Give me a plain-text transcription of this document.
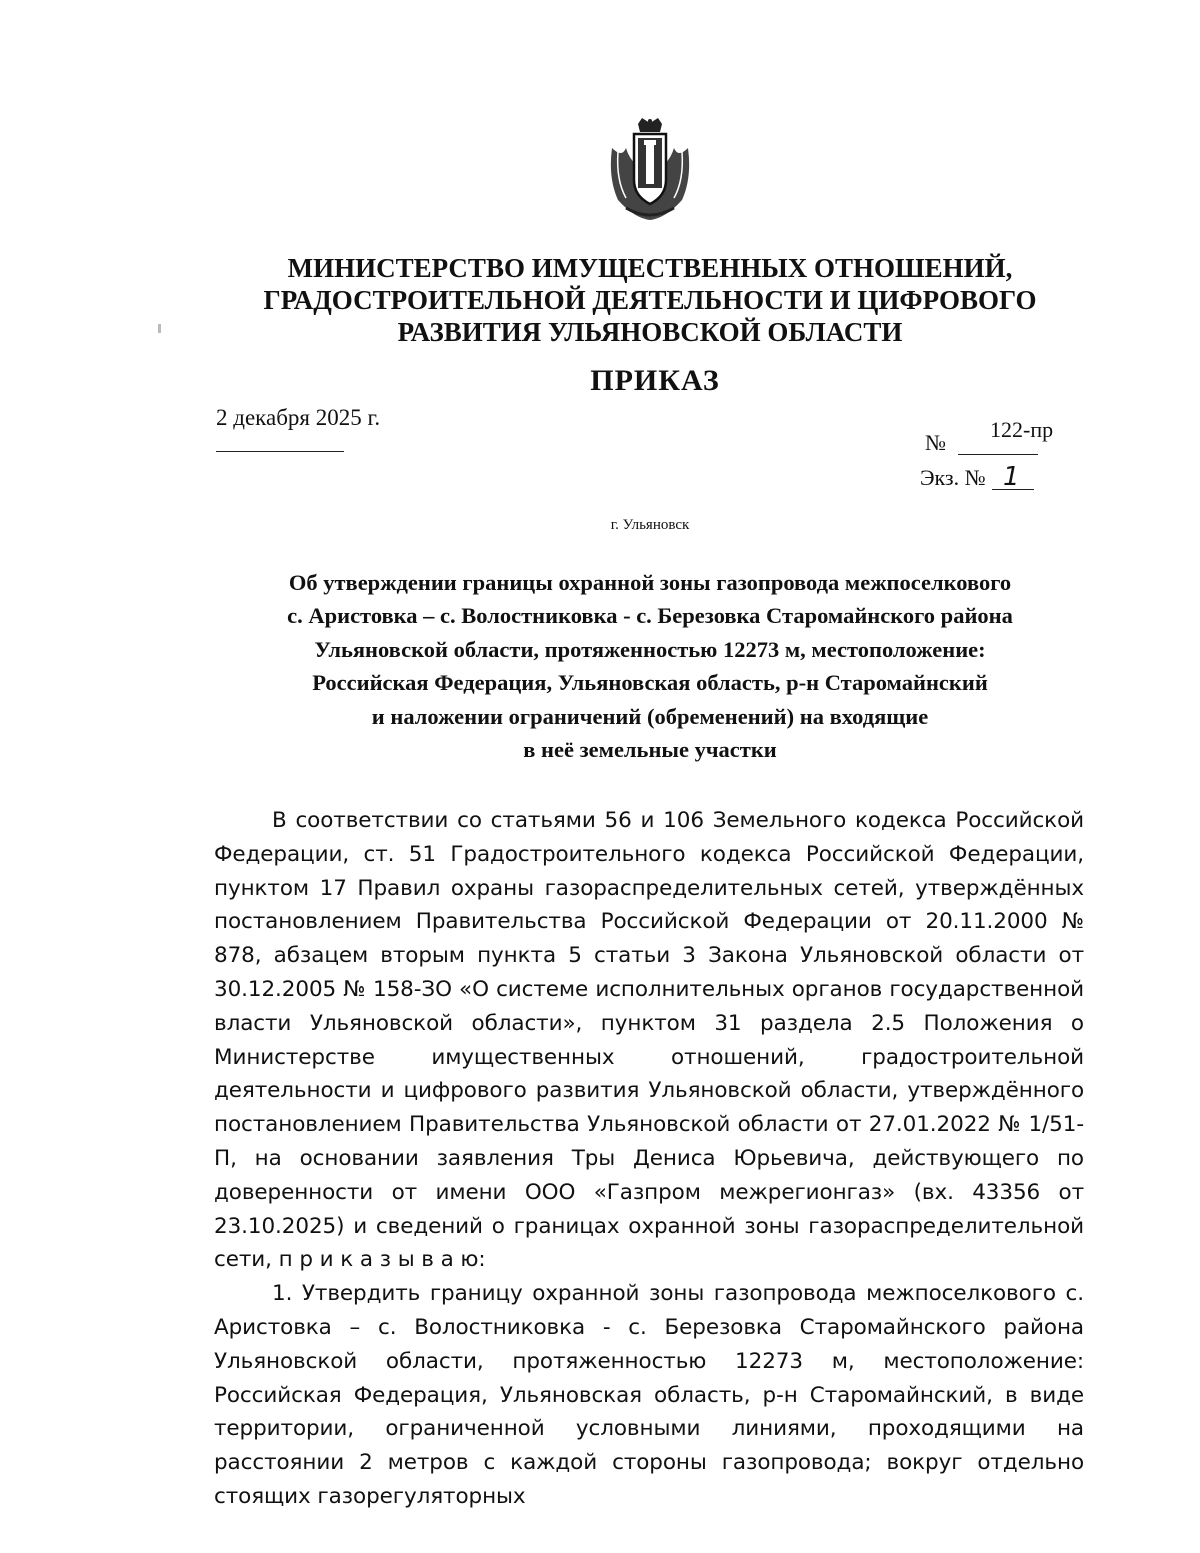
МИНИСТЕРСТВО ИМУЩЕСТВЕННЫХ ОТНОШЕНИЙ,
ГРАДОСТРОИТЕЛЬНОЙ ДЕЯТЕЛЬНОСТИ И ЦИФРОВОГО
РАЗВИТИЯ УЛЬЯНОВСКОЙ ОБЛАСТИ
ПРИКАЗ
2 декабря 2025 г.
№
122-пр
Экз. № 1
г. Ульяновск
Об утверждении границы охранной зоны газопровода межпоселкового
с. Аристовка – с. Волостниковка - с. Березовка Старомайнского района
Ульяновской области, протяженностью 12273 м, местоположение:
Российская Федерация, Ульяновская область, р-н Старомайнский
и наложении ограничений (обременений) на входящие
в неё земельные участки

В соответствии со статьями 56 и 106 Земельного кодекса Российской Федерации, ст. 51 Градостроительного кодекса Российской Федерации, пунктом 17 Правил охраны газораспределительных сетей, утверждённых постановлением Правительства Российской Федерации от 20.11.2000 № 878, абзацем вторым пункта 5 статьи 3 Закона Ульяновской области от 30.12.2005 № 158-ЗО «О системе исполнительных органов государственной власти Ульяновской области», пунктом 31 раздела 2.5 Положения о Министерстве имущественных отношений, градостроительной деятельности и цифрового развития Ульяновской области, утверждённого постановлением Правительства Ульяновской области от 27.01.2022 № 1/51-П, на основании заявления Тры Дениса Юрьевича, действующего по доверенности от имени ООО «Газпром межрегионгаз» (вх. 43356 от 23.10.2025) и сведений о границах охранной зоны газораспределительной сети, п р и к а з ы в а ю:

1. Утвердить границу охранной зоны газопровода межпоселкового с. Аристовка – с. Волостниковка - с. Березовка Старомайнского района Ульяновской области, протяженностью 12273 м, местоположение: Российская Федерация, Ульяновская область, р-н Старомайнский, в виде территории, ограниченной условными линиями, проходящими на расстоянии 2 метров с каждой стороны газопровода; вокруг отдельно стоящих газорегуляторных
